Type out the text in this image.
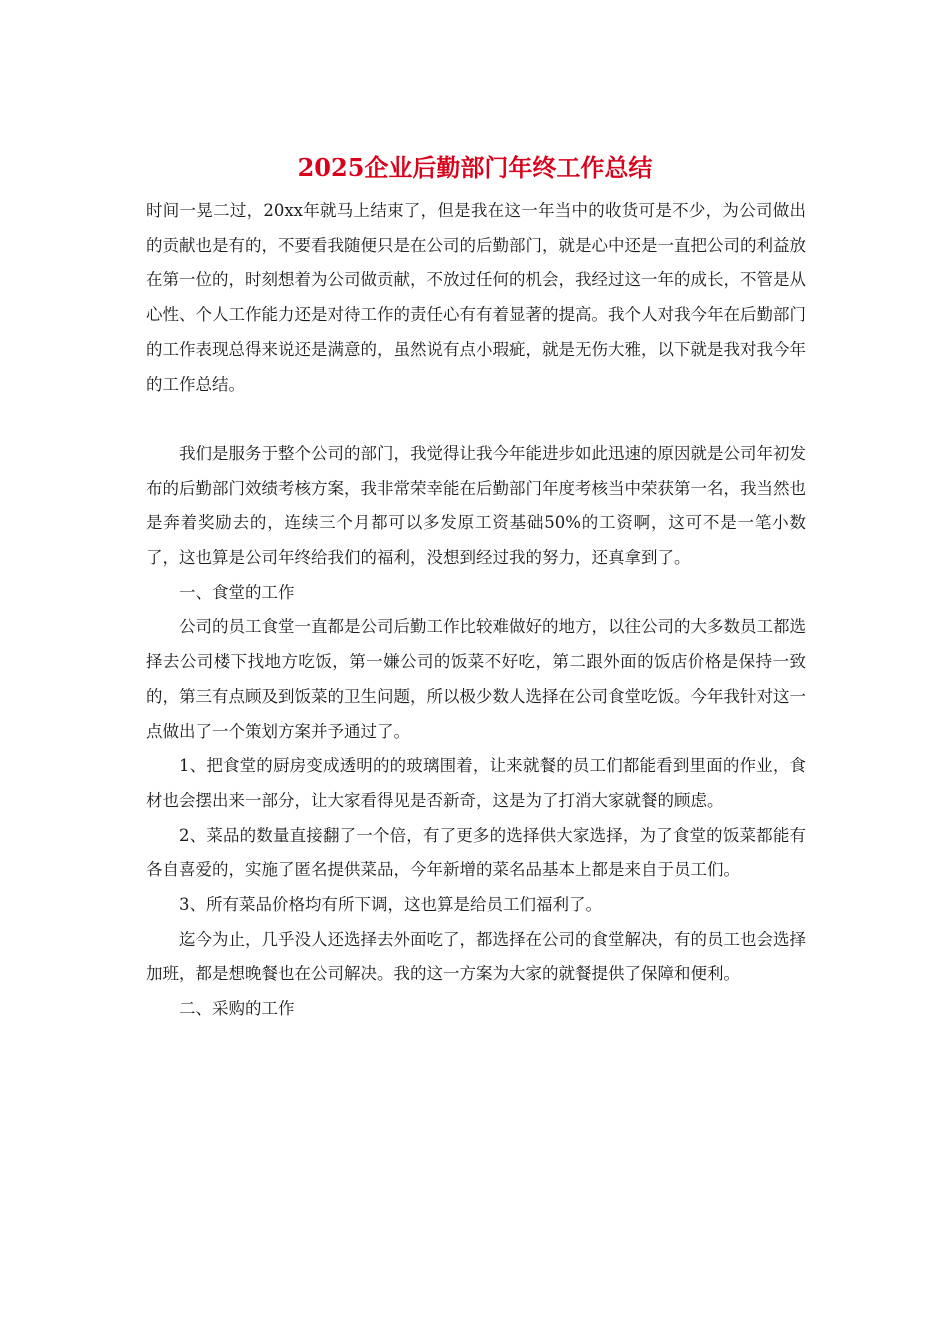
2025企业后勤部门年终工作总结

时间一晃二过，20xx年就马上结束了，但是我在这一年当中的收货可是不少，为公司做出的贡献也是有的，不要看我随便只是在公司的后勤部门，就是心中还是一直把公司的利益放在第一位的，时刻想着为公司做贡献，不放过任何的机会，我经过这一年的成长，不管是从心性、个人工作能力还是对待工作的责任心有有着显著的提高。我个人对我今年在后勤部门的工作表现总得来说还是满意的，虽然说有点小瑕疵，就是无伤大雅，以下就是我对我今年的工作总结。

我们是服务于整个公司的部门，我觉得让我今年能进步如此迅速的原因就是公司年初发布的后勤部门效绩考核方案，我非常荣幸能在后勤部门年度考核当中荣获第一名，我当然也是奔着奖励去的，连续三个月都可以多发原工资基础50%的工资啊，这可不是一笔小数了，这也算是公司年终给我们的福利，没想到经过我的努力，还真拿到了。

一、食堂的工作

公司的员工食堂一直都是公司后勤工作比较难做好的地方，以往公司的大多数员工都选择去公司楼下找地方吃饭，第一嫌公司的饭菜不好吃，第二跟外面的饭店价格是保持一致的，第三有点顾及到饭菜的卫生问题，所以极少数人选择在公司食堂吃饭。今年我针对这一点做出了一个策划方案并予通过了。

1、把食堂的厨房变成透明的的玻璃围着，让来就餐的员工们都能看到里面的作业，食材也会摆出来一部分，让大家看得见是否新奇，这是为了打消大家就餐的顾虑。

2、菜品的数量直接翻了一个倍，有了更多的选择供大家选择，为了食堂的饭菜都能有各自喜爱的，实施了匿名提供菜品，今年新增的菜名品基本上都是来自于员工们。

3、所有菜品价格均有所下调，这也算是给员工们福利了。

迄今为止，几乎没人还选择去外面吃了，都选择在公司的食堂解决，有的员工也会选择加班，都是想晚餐也在公司解决。我的这一方案为大家的就餐提供了保障和便利。

二、采购的工作
